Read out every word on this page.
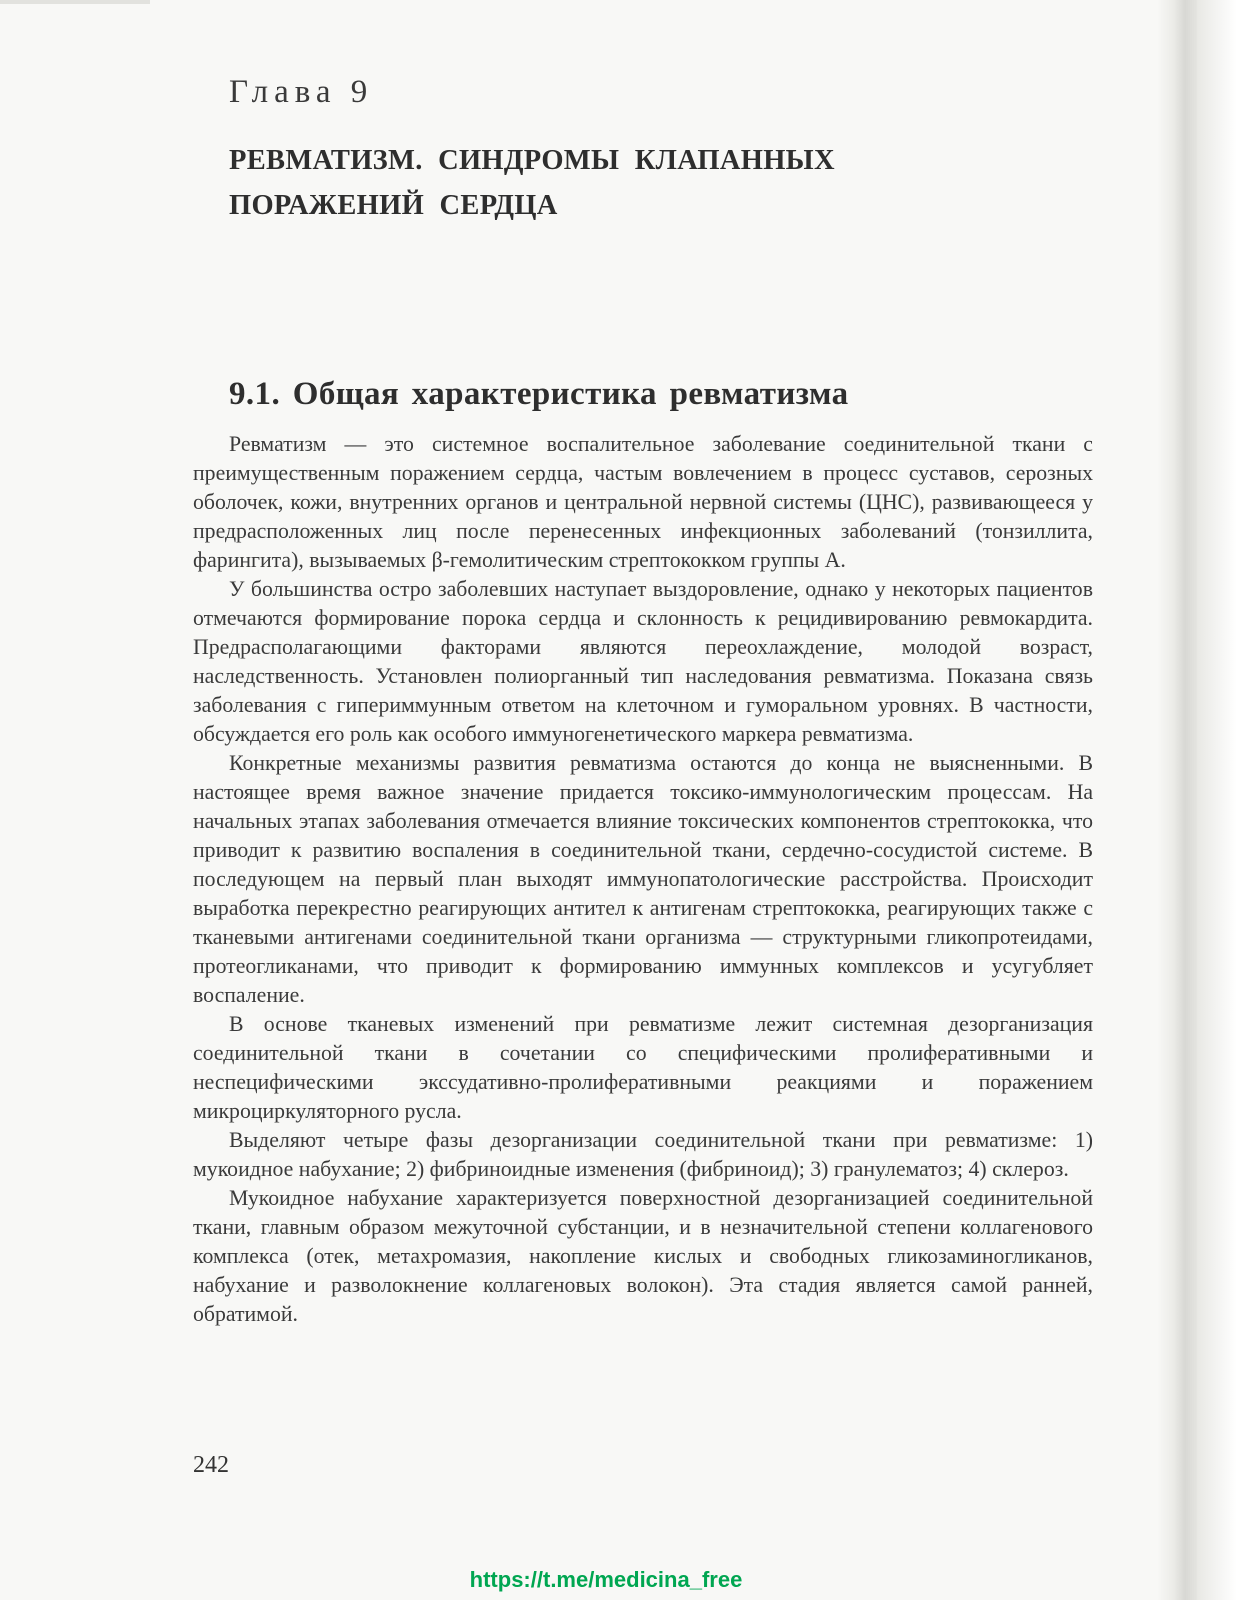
Глава 9
РЕВМАТИЗМ. СИНДРОМЫ КЛАПАННЫХ ПОРАЖЕНИЙ СЕРДЦА
9.1. Общая характеристика ревматизма

Ревматизм — это системное воспалительное заболевание соединительной ткани с преимущественным поражением сердца, частым вовлечением в процесс суставов, серозных оболочек, кожи, внутренних органов и центральной нервной системы (ЦНС), развивающееся у предрасположенных лиц после перенесенных инфекционных заболеваний (тонзиллита, фарингита), вызываемых β-гемолитическим стрептококком группы А.

У большинства остро заболевших наступает выздоровление, однако у некоторых пациентов отмечаются формирование порока сердца и склонность к рецидивированию ревмокардита. Предрасполагающими факторами являются переохлаждение, молодой возраст, наследственность. Установлен полиорганный тип наследования ревматизма. Показана связь заболевания с гипериммунным ответом на клеточном и гуморальном уровнях. В частности, обсуждается его роль как особого иммуногенетического маркера ревматизма.

Конкретные механизмы развития ревматизма остаются до конца не выясненными. В настоящее время важное значение придается токсико-иммунологическим процессам. На начальных этапах заболевания отмечается влияние токсических компонентов стрептококка, что приводит к развитию воспаления в соединительной ткани, сердечно-сосудистой системе. В последующем на первый план выходят иммунопатологические расстройства. Происходит выработка перекрестно реагирующих антител к антигенам стрептококка, реагирующих также с тканевыми антигенами соединительной ткани организма — структурными гликопротеидами, протеогликанами, что приводит к формированию иммунных комплексов и усугубляет воспаление.

В основе тканевых изменений при ревматизме лежит системная дезорганизация соединительной ткани в сочетании со специфическими пролиферативными и неспецифическими экссудативно-пролиферативными реакциями и поражением микроциркуляторного русла.

Выделяют четыре фазы дезорганизации соединительной ткани при ревматизме: 1) мукоидное набухание; 2) фибриноидные изменения (фибриноид); 3) гранулематоз; 4) склероз.

Мукоидное набухание характеризуется поверхностной дезорганизацией соединительной ткани, главным образом межуточной субстанции, и в незначительной степени коллагенового комплекса (отек, метахромазия, накопление кислых и свободных гликозаминогликанов, набухание и разволокнение коллагеновых волокон). Эта стадия является самой ранней, обратимой.

242
https://t.me/medicina_free
